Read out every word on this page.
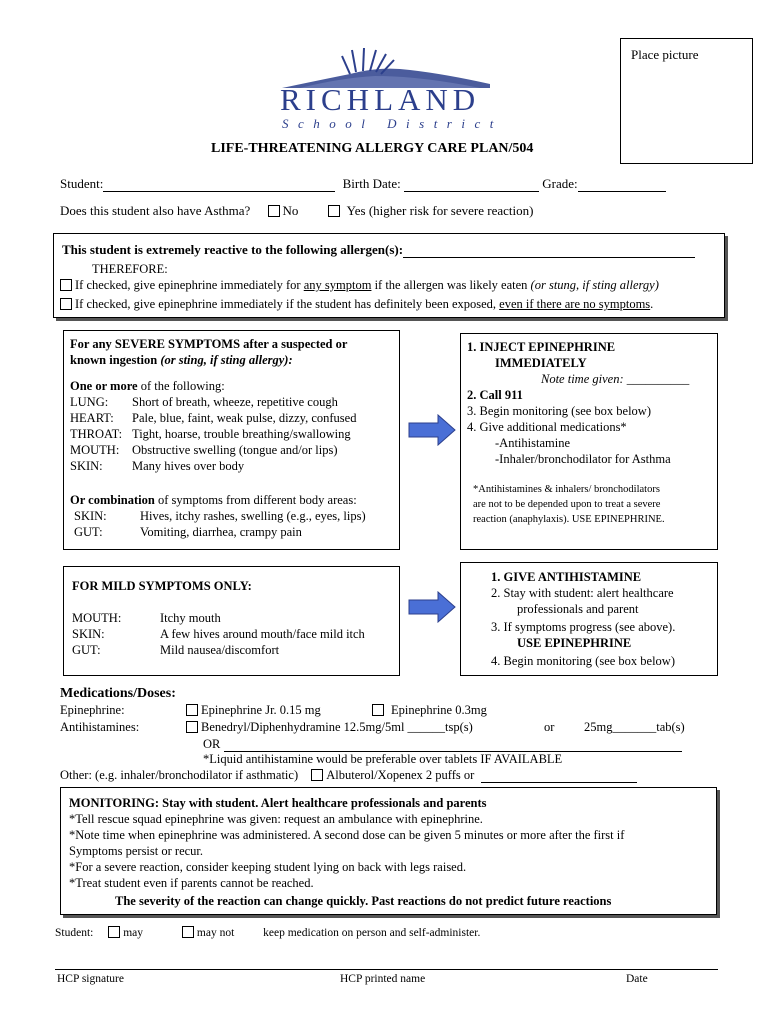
Place picture
RICHLAND
School District
LIFE-THREATENING ALLERGY CARE PLAN/504
Student:	Birth Date:	Grade:
Does this student also have Asthma? No	Yes (higher risk for severe reaction)
This student is extremely reactive to the following allergen(s):
THEREFORE:
If checked, give epinephrine immediately for any symptom if the allergen was likely eaten (or stung, if sting allergy)
If checked, give epinephrine immediately if the student has definitely been exposed, even if there are no symptoms.
For any SEVERE SYMPTOMS after a suspected or
known ingestion (or sting, if sting allergy):
One or more of the following:
LUNG: Short of breath, wheeze, repetitive cough
HEART: Pale, blue, faint, weak pulse, dizzy, confused
THROAT: Tight, hoarse, trouble breathing/swallowing
MOUTH: Obstructive swelling (tongue and/or lips)
SKIN: Many hives over body
Or combination of symptoms from different body areas:
SKIN:	Hives, itchy rashes, swelling (e.g., eyes, lips)
GUT:	Vomiting, diarrhea, crampy pain
1. INJECT EPINEPHRINE
IMMEDIATELY
Note time given: __________
2. Call 911
3. Begin monitoring (see box below)
4. Give additional medications*
-Antihistamine
-Inhaler/bronchodilator for Asthma
*Antihistamines & inhalers/ bronchodilators
are not to be depended upon to treat a severe
reaction (anaphylaxis). USE EPINEPHRINE.
FOR MILD SYMPTOMS ONLY:
MOUTH:	Itchy mouth
SKIN:	A few hives around mouth/face mild itch
GUT:	Mild nausea/discomfort
1. GIVE ANTIHISTAMINE
2. Stay with student: alert healthcare
professionals and parent
3. If symptoms progress (see above).
USE EPINEPHRINE
4. Begin monitoring (see box below)
Medications/Doses:
Epinephrine:	Epinephrine Jr. 0.15 mg	Epinephrine 0.3mg
Antihistamines:	Benedryl/Diphenhydramine 12.5mg/5ml ______tsp(s)	or 25mg_______tab(s)
OR
*Liquid antihistamine would be preferable over tablets IF AVAILABLE
Other: (e.g. inhaler/bronchodilator if asthmatic) Albuterol/Xopenex 2 puffs or
MONITORING: Stay with student. Alert healthcare professionals and parents
*Tell rescue squad epinephrine was given: request an ambulance with epinephrine.
*Note time when epinephrine was administered. A second dose can be given 5 minutes or more after the first if
Symptoms persist or recur.
*For a severe reaction, consider keeping student lying on back with legs raised.
*Treat student even if parents cannot be reached.
The severity of the reaction can change quickly. Past reactions do not predict future reactions
Student:	may	may not	keep medication on person and self-administer.
HCP signature	HCP printed name	Date
